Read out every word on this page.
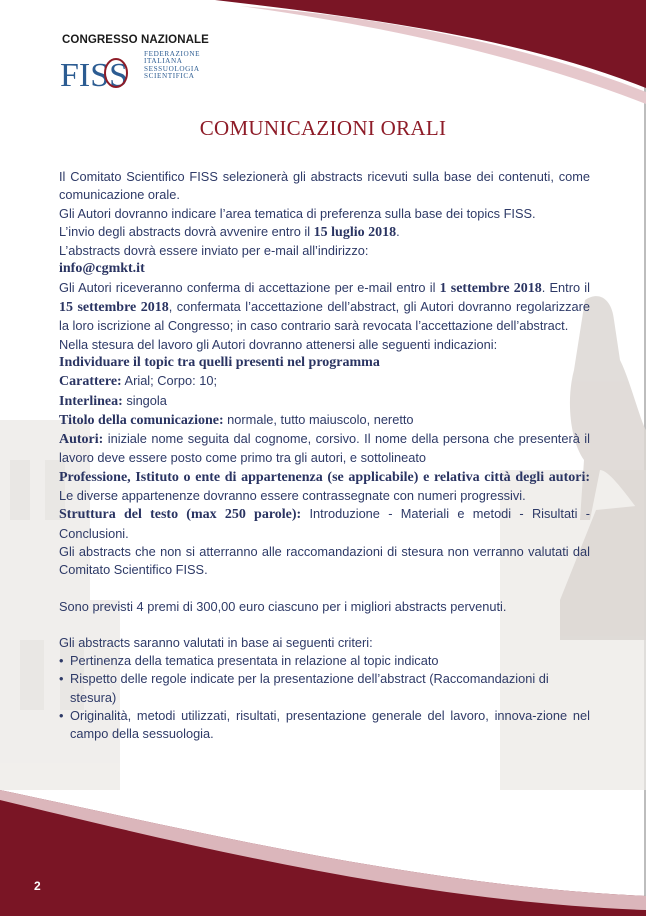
CONGRESSO NAZIONALE
FISS
FEDERAZIONE
ITALIANA
SESSUOLOGIA
SCIENTIFICA
COMUNICAZIONI ORALI

Il Comitato Scientifico FISS selezionerà gli abstracts ricevuti sulla base dei contenuti, come comunicazione orale.

Gli Autori dovranno indicare l’area tematica di preferenza sulla base dei topics FISS.

L’invio degli abstracts dovrà avvenire entro il 15 luglio 2018.

L’abstracts dovrà essere inviato per e-mail all’indirizzo:

info@cgmkt.it

Gli Autori riceveranno conferma di accettazione per e-mail entro il 1 settembre 2018. Entro il 15 settembre 2018, confermata l’accettazione dell’abstract, gli Autori dovranno regolarizzare la loro iscrizione al Congresso; in caso contrario sarà revocata l’accettazione dell’abstract.

Nella stesura del lavoro gli Autori dovranno attenersi alle seguenti indicazioni:

Individuare il topic tra quelli presenti nel programma

Carattere: Arial; Corpo: 10;

Interlinea: singola

Titolo della comunicazione: normale, tutto maiuscolo, neretto

Autori: iniziale nome seguita dal cognome, corsivo. Il nome della persona che presenterà il lavoro deve essere posto come primo tra gli autori, e sottolineato

Professione, Istituto o ente di appartenenza (se applicabile) e relativa città degli autori: Le diverse appartenenze dovranno essere contrassegnate con numeri progressivi.

Struttura del testo (max 250 parole): Introduzione - Materiali e metodi - Risultati - Conclusioni.

Gli abstracts che non si atterranno alle raccomandazioni di stesura non verranno valutati dal Comitato Scientifico FISS.

Sono previsti 4 premi di 300,00 euro ciascuno per i migliori abstracts pervenuti.

Gli abstracts saranno valutati in base ai seguenti criteri:

• Pertinenza della tematica presentata in relazione al topic indicato
• Rispetto delle regole indicate per la presentazione dell’abstract (Raccomandazioni di stesura)
• Originalità, metodi utilizzati, risultati, presentazione generale del lavoro, innova-zione nel campo della sessuologia.
2
